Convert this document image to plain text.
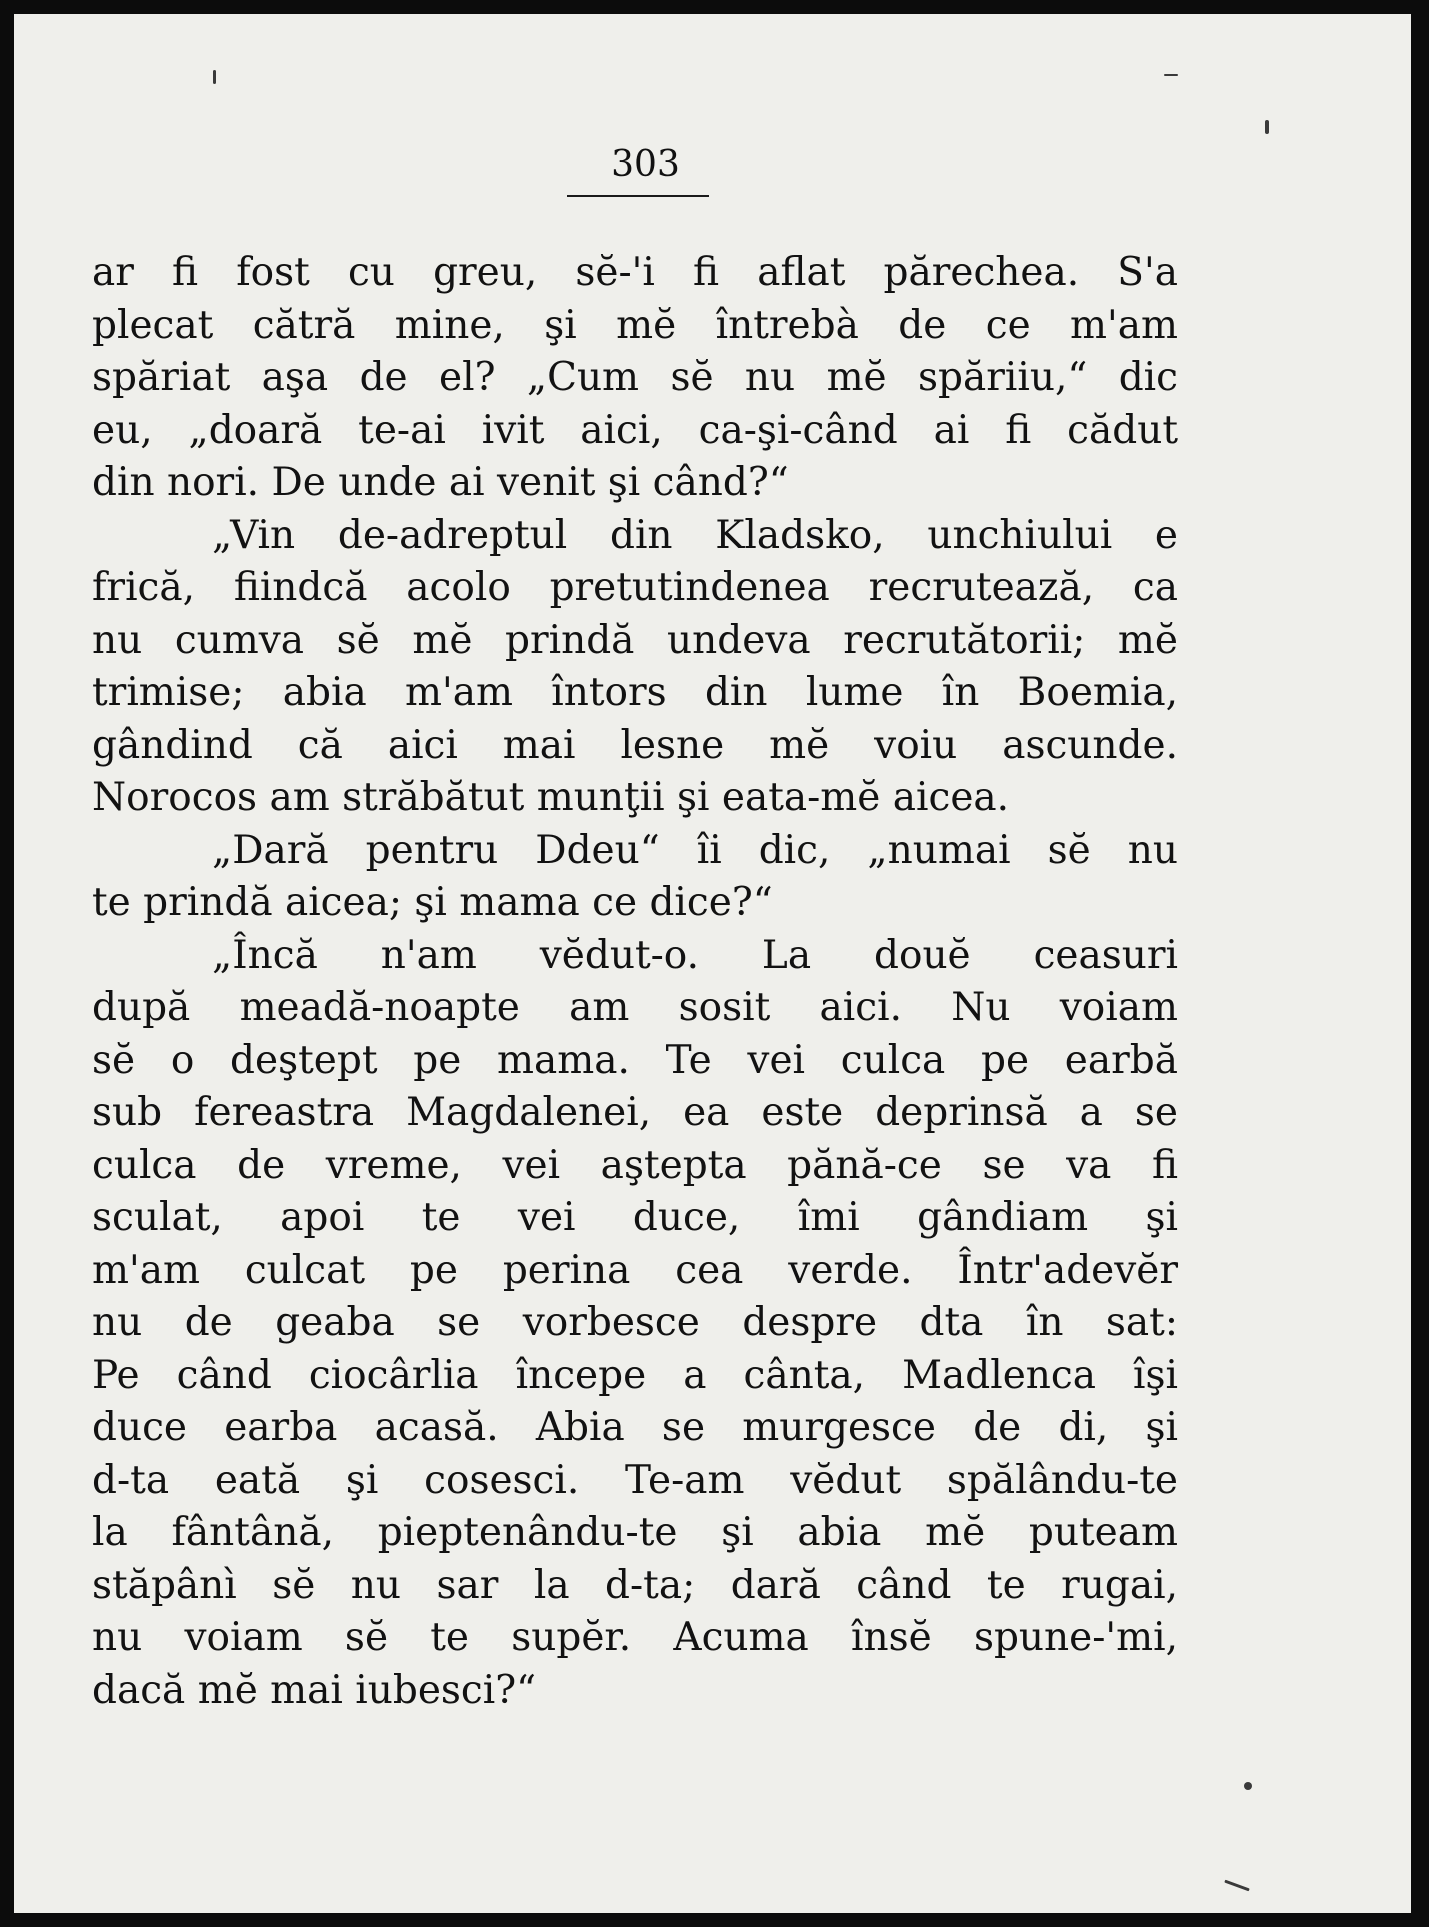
303
ar fi fost cu greu, sĕ-'i fi aflat părechea. S'a
plecat cătră mine, şi mĕ întrebà de ce m'am
spăriat aşa de el? „Cum sĕ nu mĕ spăriiu,“ dic
eu, „doară te-ai ivit aici, ca-şi-când ai fi cădut
din nori. De unde ai venit şi când?“
„Vin de-adreptul din Kladsko, unchiului e
frică, fiindcă acolo pretutindenea recrutează, ca
nu cumva sĕ mĕ prindă undeva recrutătorii; mĕ
trimise; abia m'am întors din lume în Boemia,
gândind că aici mai lesne mĕ voiu ascunde.
Norocos am străbătut munţii şi eata-mĕ aicea.
„Dară pentru Ddeu“ îi dic, „numai sĕ nu
te prindă aicea; şi mama ce dice?“
„Încă n'am vĕdut-o. La douĕ ceasuri
după meadă-noapte am sosit aici. Nu voiam
sĕ o deştept pe mama. Te vei culca pe earbă
sub fereastra Magdalenei, ea este deprinsă a se
culca de vreme, vei aştepta pănă-ce se va fi
sculat, apoi te vei duce, îmi gândiam şi
m'am culcat pe perina cea verde. Într'adevĕr
nu de geaba se vorbesce despre dta în sat:
Pe când ciocârlia începe a cânta, Madlenca îşi
duce earba acasă. Abia se murgesce de di, şi
d-ta eată şi cosesci. Te-am vĕdut spălându-te
la fântână, pieptenându-te şi abia mĕ puteam
stăpânì sĕ nu sar la d-ta; dară când te rugai,
nu voiam sĕ te supĕr. Acuma însĕ spune-'mi,
dacă mĕ mai iubesci?“
